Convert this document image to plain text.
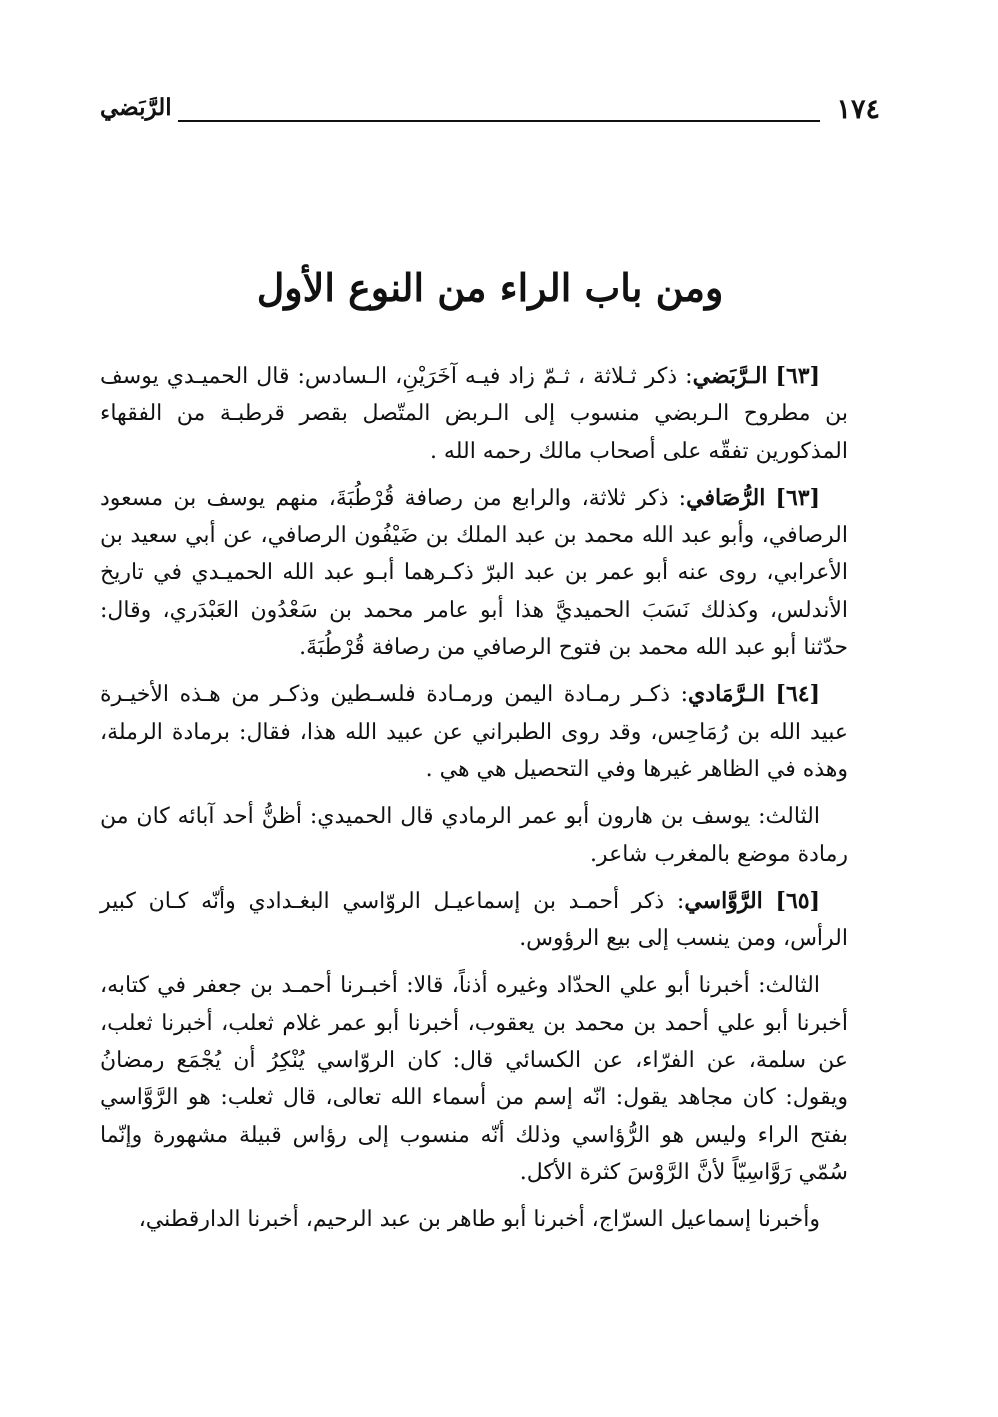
١٧٤
الرَّبَضي
ومن باب الراء من النوع الأول

[٦٣] الـرَّبَضي: ذكر ثـلاثة ، ثـمّ زاد فيـه آخَرَيْنِ، الـسادس: قال الحميـدي يوسف بن مطروح الـربضي منسوب إلى الـربض المتّصل بقصر قرطبـة من الفقهاء المذكورين تفقّه على أصحاب مالك رحمه الله .

[٦٣] الرُّصَافي: ذكر ثلاثة، والرابع من رصافة قُرْطُبَةَ، منهم يوسف بن مسعود الرصافي، وأبو عبد الله محمد بن عبد الملك بن ضَيْفُون الرصافي، عن أبي سعيد بن الأعرابي، روى عنه أبو عمر بن عبد البرّ ذكـرهما أبـو عبد الله الحميـدي في تاريخ الأندلس، وكذلك نَسَبَ الحميديَّ هذا أبو عامر محمد بن سَعْدُون العَبْدَري، وقال: حدّثنا أبو عبد الله محمد بن فتوح الرصافي من رصافة قُرْطُبَةَ.

[٦٤] الـرَّمَادي: ذكـر رمـادة اليمن ورمـادة فلسـطين وذكـر من هـذه الأخيـرة عبيد الله بن رُمَاحِس، وقد روى الطبراني عن عبيد الله هذا، فقال: برمادة الرملة، وهذه في الظاهر غيرها وفي التحصيل هي هي .

الثالث: يوسف بن هارون أبو عمر الرمادي قال الحميدي: أظنُّ أحد آبائه كان من رمادة موضع بالمغرب شاعر.

[٦٥] الرَّوَّاسي: ذكر أحمـد بن إسماعيـل الروّاسي البغـدادي وأنّه كـان كبير الرأس، ومن ينسب إلى بيع الرؤوس.

الثالث: أخبرنا أبو علي الحدّاد وغيره أذناً، قالا: أخبـرنا أحمـد بن جعفر في كتابه، أخبرنا أبو علي أحمد بن محمد بن يعقوب، أخبرنا أبو عمر غلام ثعلب، أخبرنا ثعلب، عن سلمة، عن الفرّاء، عن الكسائي قال: كان الروّاسي يُنْكِرُ أن يُجْمَع رمضانُ ويقول: كان مجاهد يقول: انّه إسم من أسماء الله تعالى، قال ثعلب: هو الرَّوَّاسي بفتح الراء وليس هو الرُّؤاسي وذلك أنّه منسوب إلى رؤاس قبيلة مشهورة وإنّما سُمّي رَوَّاسِيّاً لأنَّ الرَّوْسَ كثرة الأكل.

وأخبرنا إسماعيل السرّاج، أخبرنا أبو طاهر بن عبد الرحيم، أخبرنا الدارقطني،
